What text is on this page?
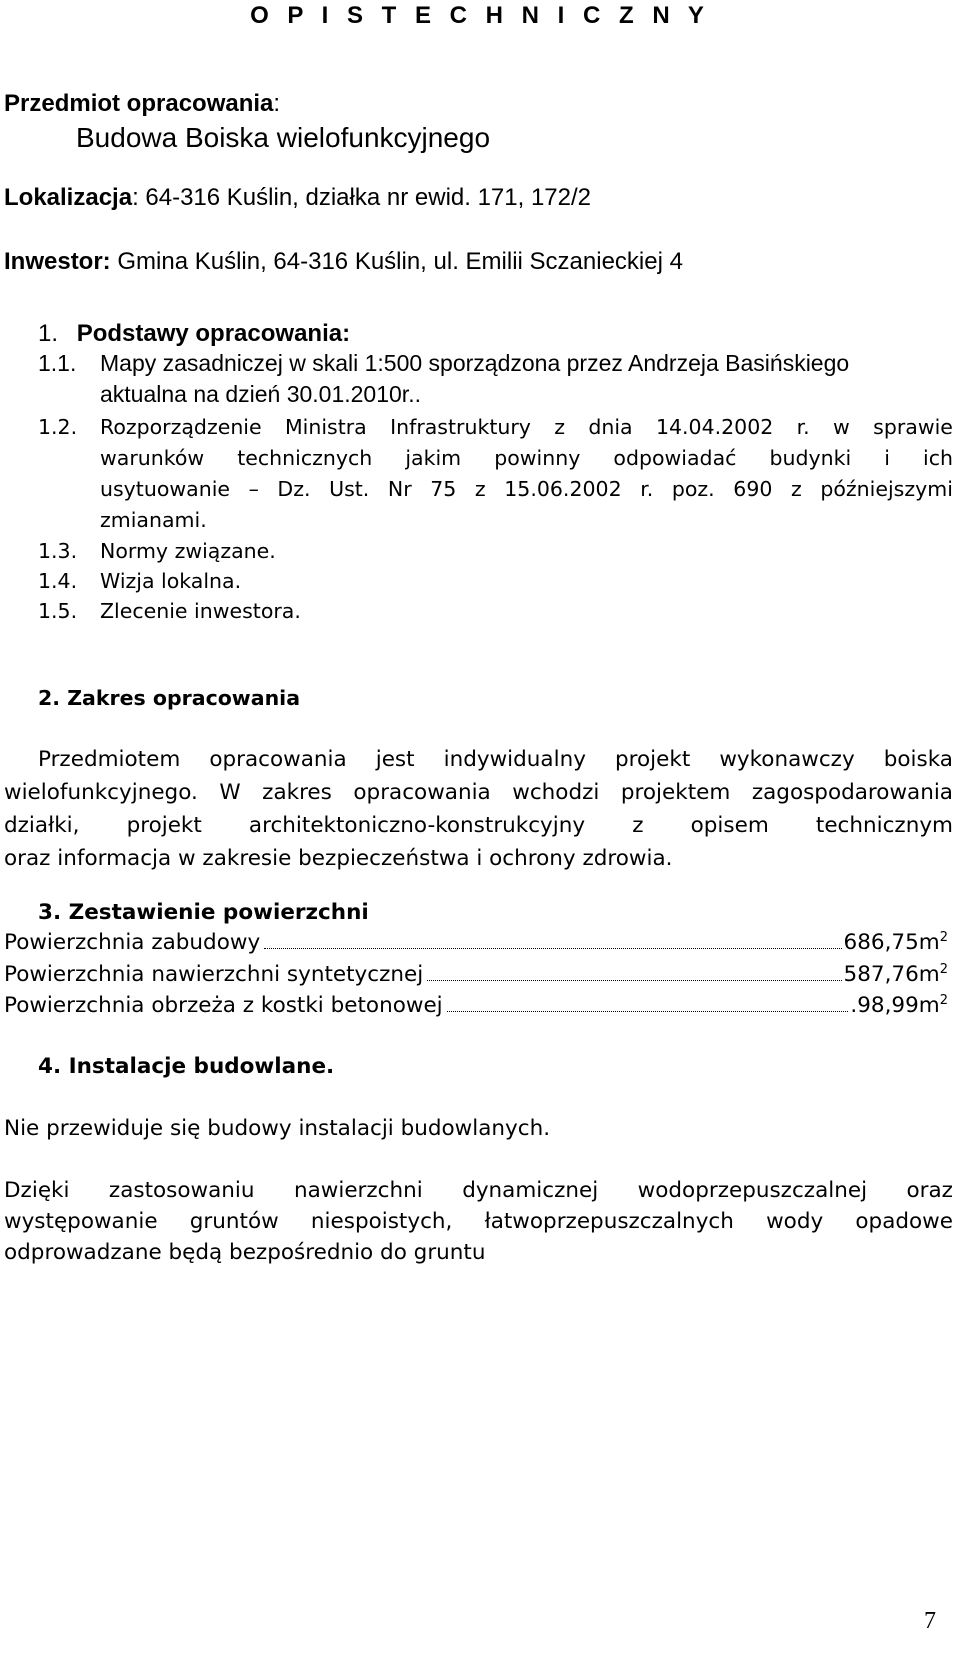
O P I S T E C H N I C Z N Y
Przedmiot opracowania:
Budowa Boiska wielofunkcyjnego
Lokalizacja: 64-316 Kuślin, działka nr ewid. 171, 172/2
Inwestor: Gmina Kuślin, 64-316 Kuślin, ul. Emilii Sczanieckiej 4
1. Podstawy opracowania:
1.1. Mapy zasadniczej w skali 1:500 sporządzona przez Andrzeja Basińskiego
aktualna na dzień 30.01.2010r..
1.2. Rozporządzenie Ministra Infrastruktury z dnia 14.04.2002 r. w sprawie
warunków technicznych jakim powinny odpowiadać budynki i ich
usytuowanie – Dz. Ust. Nr 75 z 15.06.2002 r. poz. 690 z późniejszymi
zmianami.
1.3. Normy związane.
1.4. Wizja lokalna.
1.5. Zlecenie inwestora.
2. Zakres opracowania
Przedmiotem opracowania jest indywidualny projekt wykonawczy boiska
wielofunkcyjnego. W zakres opracowania wchodzi projektem zagospodarowania
działki, projekt architektoniczno-konstrukcyjny z opisem technicznym
oraz informacja w zakresie bezpieczeństwa i ochrony zdrowia.
3. Zestawienie powierzchni
Powierzchnia zabudowy	$686,75m^2$
Powierzchnia nawierzchni syntetycznej	$587,76m^2$
Powierzchnia obrzeża z kostki betonowej	$.98,99m^2$
4. Instalacje budowlane.
Nie przewiduje się budowy instalacji budowlanych.
Dzięki zastosowaniu nawierzchni dynamicznej wodoprzepuszczalnej oraz
występowanie gruntów niespoistych, łatwoprzepuszczalnych wody opadowe
odprowadzane będą bezpośrednio do gruntu
7
